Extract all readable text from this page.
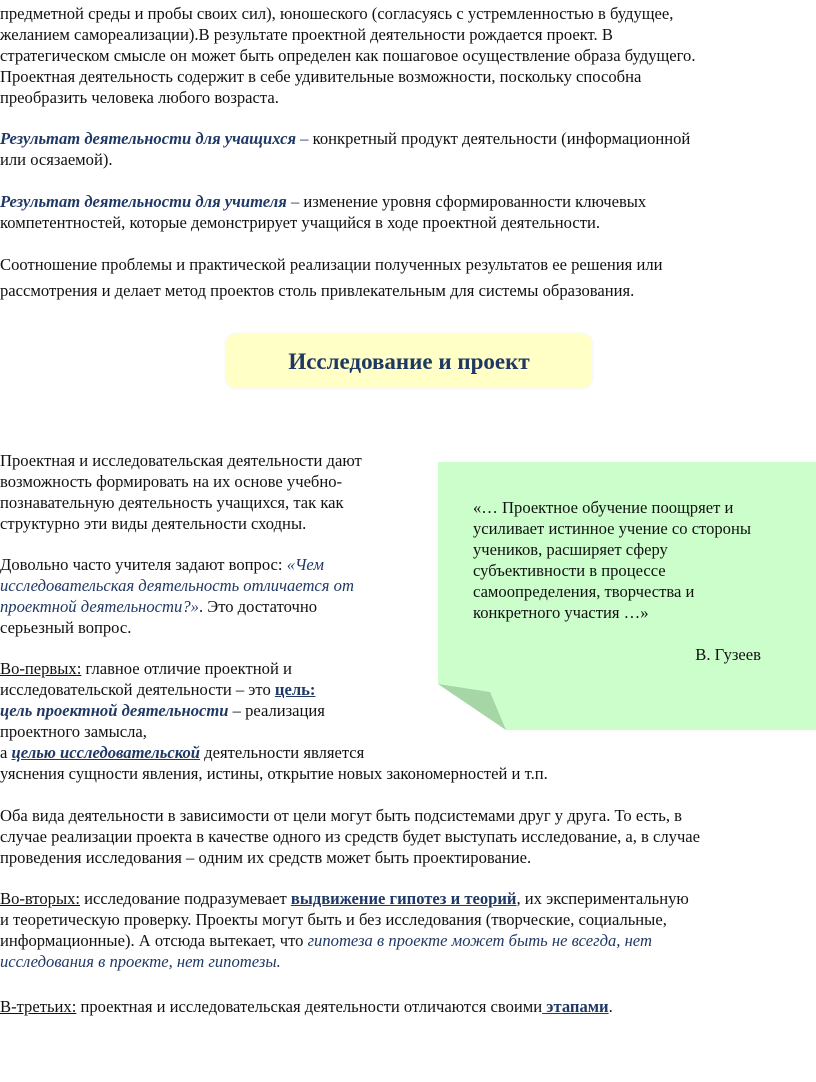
предметной среды и пробы своих сил), юношеского (согласуясь с устремленностью в будущее,

желанием самореализации).В результате проектной деятельности рождается проект. В

стратегическом смысле он может быть определен как пошаговое осуществление образа будущего.

Проектная деятельность содержит в себе удивительные возможности, поскольку способна

преобразить человека любого возраста.

Результат деятельности для учащихся – конкретный продукт деятельности (информационной

или осязаемой).

Результат деятельности для учителя – изменение уровня сформированности ключевых

компетентностей, которые демонстрирует учащийся в ходе проектной деятельности.

Соотношение проблемы и практической реализации полученных результатов ее решения или

рассмотрения и делает метод проектов столь привлекательным для системы образования.

Исследование и проект

Проектная и исследовательская деятельности дают

возможность формировать на их основе учебно-

познавательную деятельность учащихся, так как

структурно эти виды деятельности сходны.

Довольно часто учителя задают вопрос: «Чем

исследовательская деятельность отличается от

проектной деятельности?». Это достаточно

серьезный вопрос.

Во-первых: главное отличие проектной и

исследовательской деятельности – это цель:

цель проектной деятельности – реализация

проектного замысла,

а целью исследовательской деятельности является

уяснения сущности явления, истины, открытие новых закономерностей и т.п.

«… Проектное обучение поощряет и
усиливает истинное учение со стороны
учеников, расширяет сферу
субъективности в процессе
самоопределения, творчества и
конкретного участия …»
В. Гузеев

Оба вида деятельности в зависимости от цели могут быть подсистемами друг у друга. То есть, в

случае реализации проекта в качестве одного из средств будет выступать исследование, а, в случае

проведения исследования – одним их средств может быть проектирование.

Во-вторых: исследование подразумевает выдвижение гипотез и теорий, их экспериментальную

и теоретическую проверку. Проекты могут быть и без исследования (творческие, социальные,

информационные). А отсюда вытекает, что гипотеза в проекте может быть не всегда, нет

исследования в проекте, нет гипотезы.

В-третьих: проектная и исследовательская деятельности отличаются своими этапами.
